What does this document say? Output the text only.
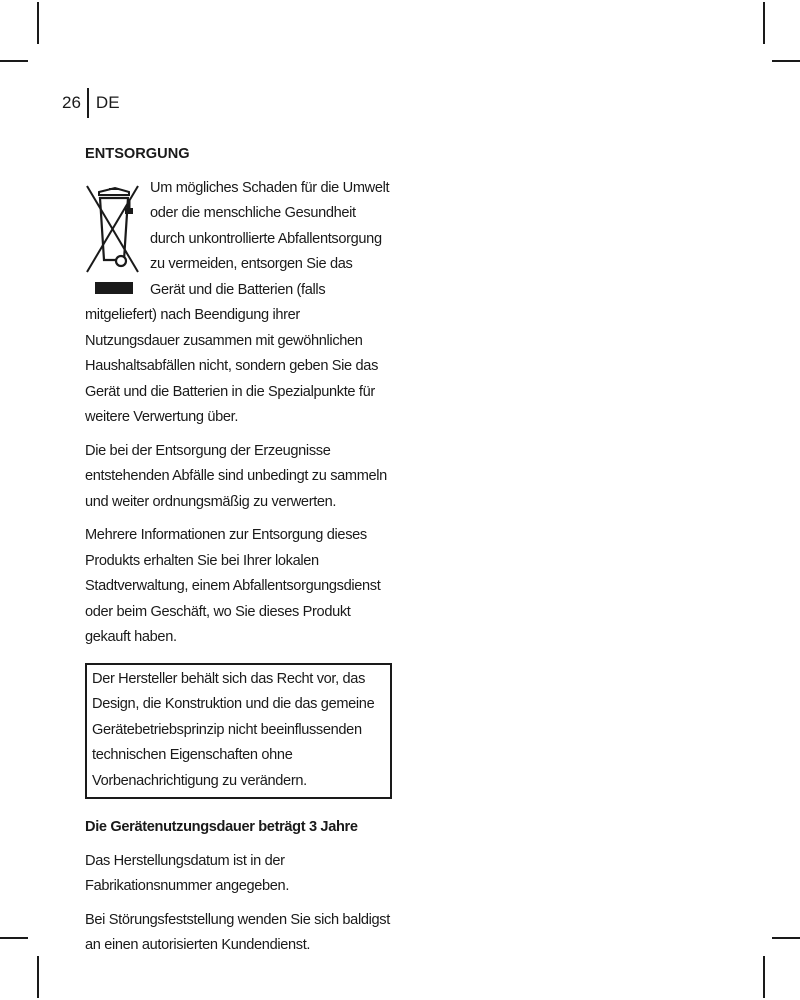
26 DE
ENTSORGUNG

Um mögliches Schaden für die Umwelt oder die menschliche Gesundheit durch unkontrollierte Abfallentsorgung zu vermeiden, entsorgen Sie das Gerät und die Batterien (falls mitgeliefert) nach Beendigung ihrer Nutzungsdauer zusammen mit gewöhnlichen Haushaltsabfällen nicht, sondern geben Sie das Gerät und die Batterien in die Spezialpunkte für weitere Verwertung über.

Die bei der Entsorgung der Erzeugnisse entstehenden Abfälle sind unbedingt zu sammeln und weiter ordnungsmäßig zu verwerten.

Mehrere Informationen zur Entsorgung dieses Produkts erhalten Sie bei Ihrer lokalen Stadtverwaltung, einem Abfallentsorgungsdienst oder beim Geschäft, wo Sie dieses Produkt gekauft haben.

Der Hersteller behält sich das Recht vor, das Design, die Konstruktion und die das gemeine Gerätebetriebsprinzip nicht beeinflussenden technischen Eigenschaften ohne Vorbenachrichtigung zu verändern.

Die Gerätenutzungsdauer beträgt 3 Jahre

Das Herstellungsdatum ist in der Fabrikationsnummer angegeben.

Bei Störungsfeststellung wenden Sie sich baldigst an einen autorisierten Kundendienst.
